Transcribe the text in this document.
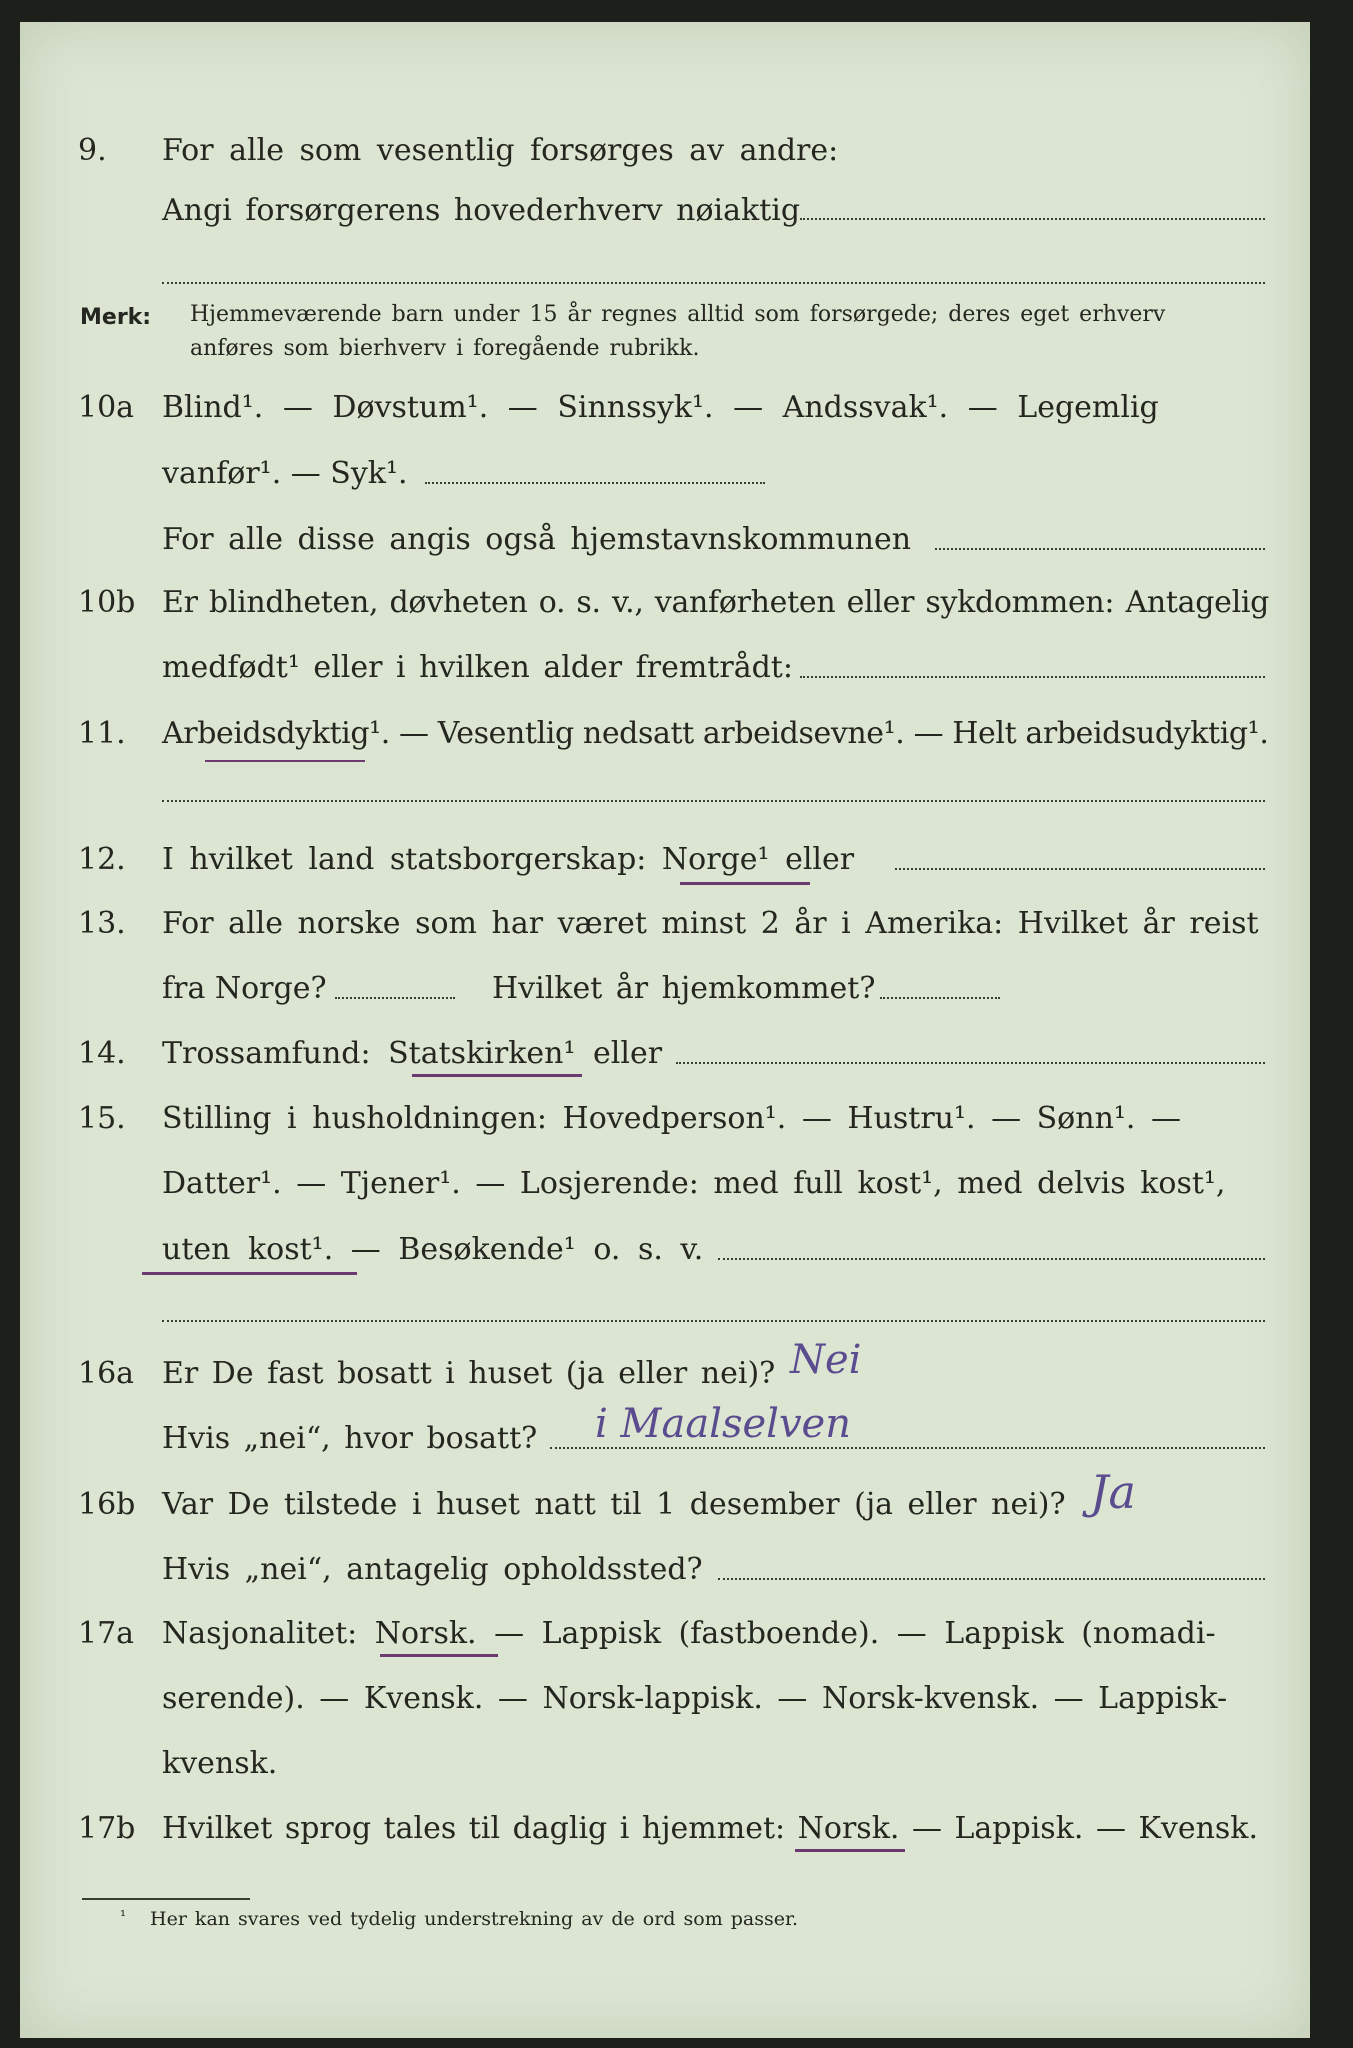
9. For alle som vesentlig forsørges av andre:
Angi forsørgerens hovederhverv nøiaktig
Merk: Hjemmeværende barn under 15 år regnes alltid som forsørgede; deres eget erhverv
anføres som bierhverv i foregående rubrikk.
10a Blind¹. — Døvstum¹. — Sinnssyk¹. — Andssvak¹. — Legemlig
vanfør¹. — Syk¹.
For alle disse angis også hjemstavnskommunen
10b Er blindheten, døvheten o. s. v., vanførheten eller sykdommen: Antagelig
medfødt¹ eller i hvilken alder fremtrådt:
11. Arbeidsdyktig¹. — Vesentlig nedsatt arbeidsevne¹. — Helt arbeidsudyktig¹.
12. I hvilket land statsborgerskap: Norge¹ eller
13. For alle norske som har været minst 2 år i Amerika: Hvilket år reist
fra Norge?	Hvilket år hjemkommet?
14. Trossamfund: Statskirken¹ eller
15. Stilling i husholdningen: Hovedperson¹. — Hustru¹. — Sønn¹. —
Datter¹. — Tjener¹. — Losjerende: med full kost¹, med delvis kost¹,
uten kost¹. — Besøkende¹ o. s. v.
16a Er De fast bosatt i huset (ja eller nei)? Nei
Hvis „nei“, hvor bosatt? i Maalselven
16b Var De tilstede i huset natt til 1 desember (ja eller nei)? Ja
Hvis „nei“, antagelig opholdssted?
17a Nasjonalitet: Norsk. — Lappisk (fastboende). — Lappisk (nomadi-
serende). — Kvensk. — Norsk-lappisk. — Norsk-kvensk. — Lappisk-
kvensk.
17b Hvilket sprog tales til daglig i hjemmet: Norsk. — Lappisk. — Kvensk.
¹ Her kan svares ved tydelig understrekning av de ord som passer.
